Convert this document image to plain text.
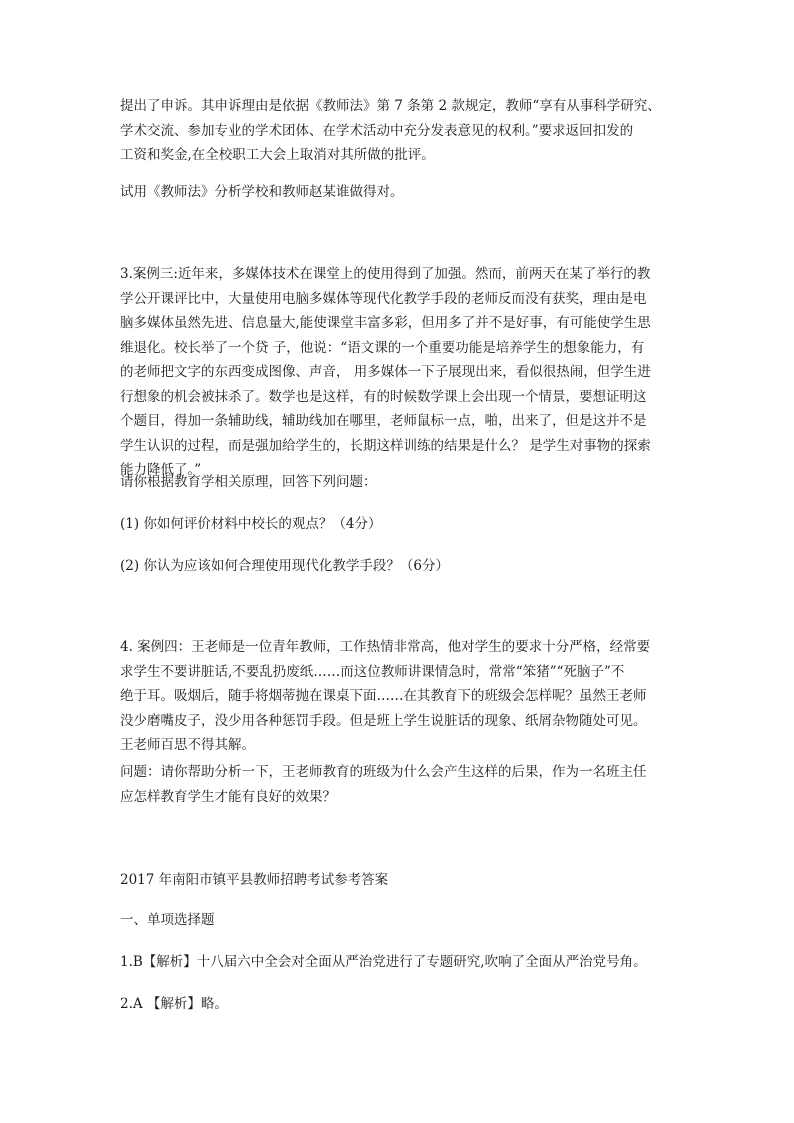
提出了申诉。其申诉理由是依据《教师法》第 7 条第 2 款规定，教师“享有从事科学研究、
学术交流、参加专业的学术团体、在学术活动中充分发表意见的权利。”要求返回扣发的
工资和奖金,在全校职工大会上取消对其所做的批评。
试用《教师法》分析学校和教师赵某谁做得对。
3.案例三:近年来，多媒体技术在课堂上的使用得到了加强。然而，前两天在某了举行的教
学公开课评比中，大量使用电脑多媒体等现代化教学手段的老师反而没有获奖，理由是电
脑多媒体虽然先进、信息量大,能使课堂丰富多彩，但用多了并不是好事，有可能使学生思
维退化。校长举了一个贷 子，他说：“语文课的一个重要功能是培养学生的想象能力，有
的老师把文字的东西变成图像、声音， 用多媒体一下子展现出来，看似很热闹，但学生进
行想象的机会被抹杀了。数学也是这样，有的时候数学课上会出现一个情景，要想证明这
个题目，得加一条辅助线，辅助线加在哪里，老师鼠标一点，啪，出来了，但是这并不是
学生认识的过程，而是强加给学生的，长期这样训练的结果是什么？ 是学生对事物的探索
能力降低了。”
请你根据教育学相关原理，回答下列问题：
(1) 你如何评价材料中校长的观点？（4分）
(2) 你认为应该如何合理使用现代化教学手段？（6分）
4. 案例四：王老师是一位青年教师，工作热情非常高，他对学生的要求十分严格，经常要
求学生不要讲脏话,不要乱扔废纸……而这位教师讲课情急时，常常“笨猪”“死脑子”不
绝于耳。吸烟后，随手将烟蒂抛在课桌下面……在其教育下的班级会怎样呢？虽然王老师
没少磨嘴皮子，没少用各种惩罚手段。但是班上学生说脏话的现象、纸屑杂物随处可见。
王老师百思不得其解。
问题：请你帮助分析一下，王老师教育的班级为什么会产生这样的后果，作为一名班主任
应怎样教育学生才能有良好的效果？
2017 年南阳市镇平县教师招聘考试参考答案
一、单项选择题
1.B【解析】十八届六中全会对全面从严治党进行了专题研究,吹响了全面从严治党号角。
2.A 【解析】略。
